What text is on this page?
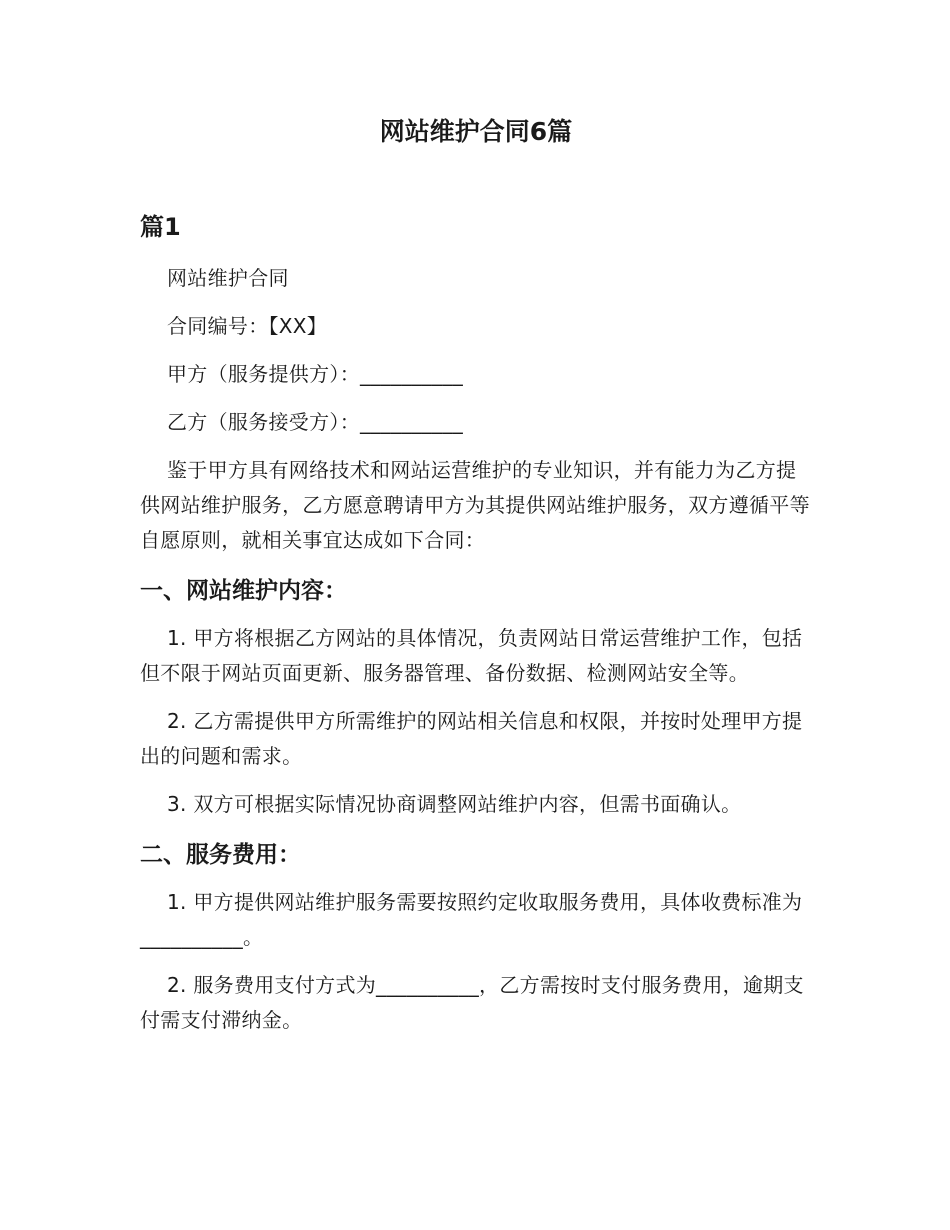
网站维护合同6篇
篇1

网站维护合同

合同编号：【XX】

甲方（服务提供方）：__________

乙方（服务接受方）：__________

鉴于甲方具有网络技术和网站运营维护的专业知识，并有能力为乙方提供网站维护服务，乙方愿意聘请甲方为其提供网站维护服务，双方遵循平等自愿原则，就相关事宜达成如下合同：

一、网站维护内容：

1. 甲方将根据乙方网站的具体情况，负责网站日常运营维护工作，包括但不限于网站页面更新、服务器管理、备份数据、检测网站安全等。

2. 乙方需提供甲方所需维护的网站相关信息和权限，并按时处理甲方提出的问题和需求。

3. 双方可根据实际情况协商调整网站维护内容，但需书面确认。

二、服务费用：

1. 甲方提供网站维护服务需要按照约定收取服务费用，具体收费标准为__________。

2. 服务费用支付方式为__________，乙方需按时支付服务费用，逾期支付需支付滞纳金。
